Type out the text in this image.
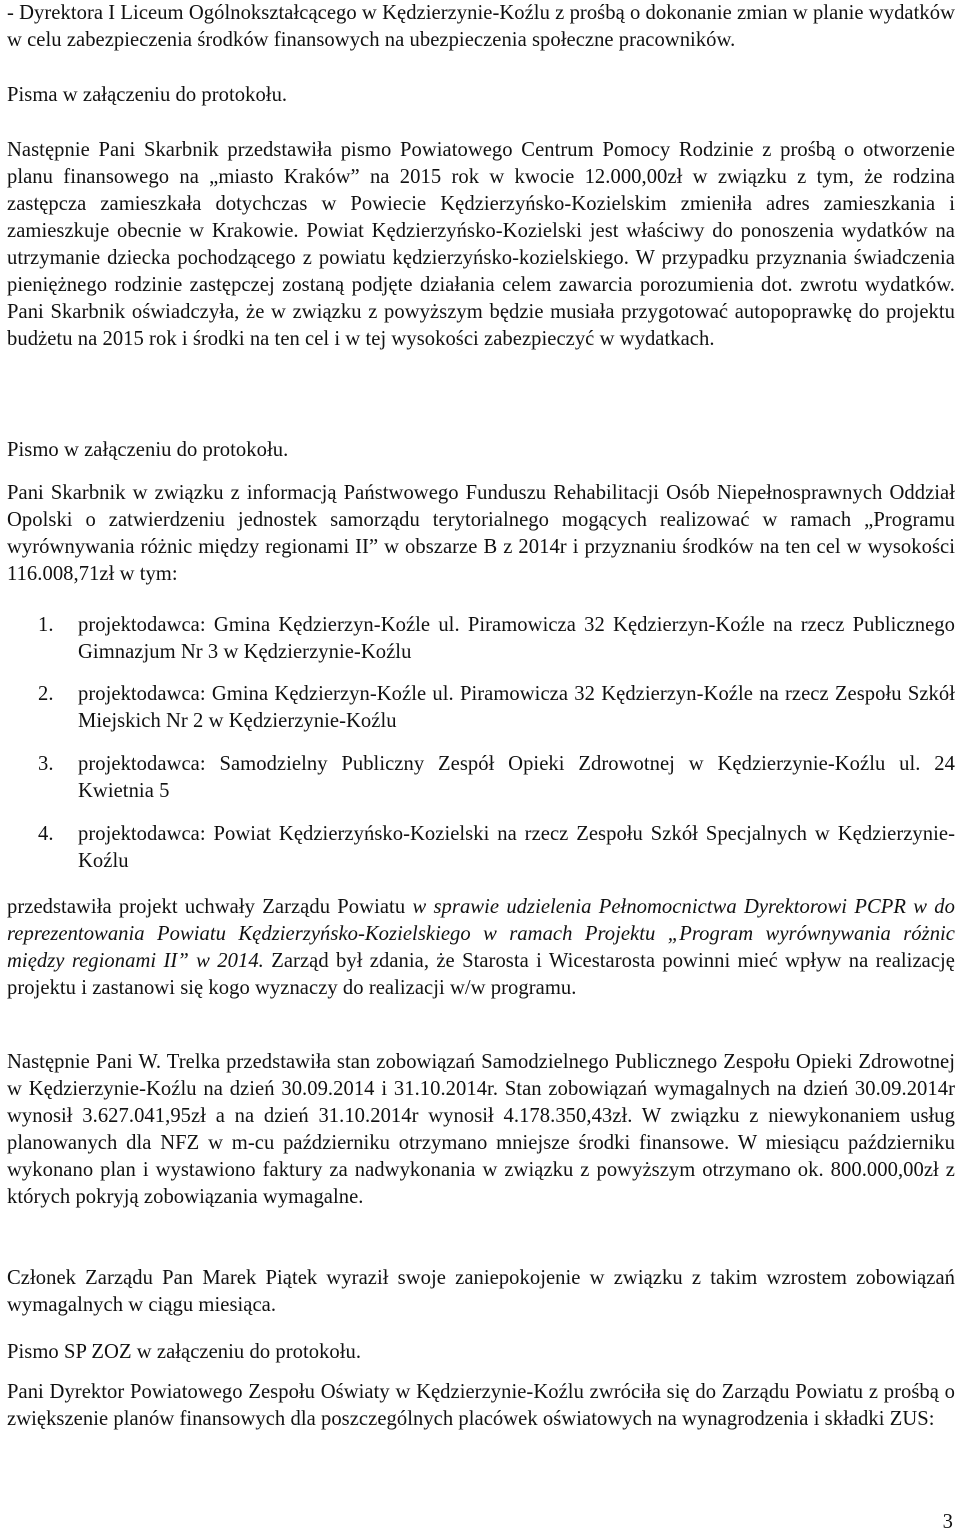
- Dyrektora I Liceum Ogólnokształcącego w Kędzierzynie-Koźlu z prośbą o dokonanie zmian w planie wydatków w celu zabezpieczenia środków finansowych na ubezpieczenia społeczne pracowników.

Pisma w załączeniu do protokołu.

Następnie Pani Skarbnik przedstawiła pismo Powiatowego Centrum Pomocy Rodzinie z prośbą o otworzenie planu finansowego na „miasto Kraków” na 2015 rok w kwocie 12.000,00zł w związku z tym, że rodzina zastępcza zamieszkała dotychczas w Powiecie Kędzierzyńsko-Kozielskim zmieniła adres zamieszkania i zamieszkuje obecnie w Krakowie. Powiat Kędzierzyńsko-Kozielski jest właściwy do ponoszenia wydatków na utrzymanie dziecka pochodzącego z powiatu kędzierzyńsko-kozielskiego. W przypadku przyznania świadczenia pieniężnego rodzinie zastępczej zostaną podjęte działania celem zawarcia porozumienia dot. zwrotu wydatków. Pani Skarbnik oświadczyła, że w związku z powyższym będzie musiała przygotować autopoprawkę do projektu budżetu na 2015 rok i środki na ten cel i w tej wysokości zabezpieczyć w wydatkach.

Pismo w załączeniu do protokołu.

Pani Skarbnik w związku z informacją Państwowego Funduszu Rehabilitacji Osób Niepełnosprawnych Oddział Opolski o zatwierdzeniu jednostek samorządu terytorialnego mogących realizować w ramach „Programu wyrównywania różnic między regionami II” w obszarze B z 2014r i przyznaniu środków na ten cel w wysokości 116.008,71zł w tym:

1. projektodawca: Gmina Kędzierzyn-Koźle ul. Piramowicza 32 Kędzierzyn-Koźle na rzecz Publicznego Gimnazjum Nr 3 w Kędzierzynie-Koźlu
2. projektodawca: Gmina Kędzierzyn-Koźle ul. Piramowicza 32 Kędzierzyn-Koźle na rzecz Zespołu Szkół Miejskich Nr 2 w Kędzierzynie-Koźlu
3. projektodawca: Samodzielny Publiczny Zespół Opieki Zdrowotnej w Kędzierzynie-Koźlu ul. 24 Kwietnia 5
4. projektodawca: Powiat Kędzierzyńsko-Kozielski na rzecz Zespołu Szkół Specjalnych w Kędzierzynie-Koźlu

przedstawiła projekt uchwały Zarządu Powiatu w sprawie udzielenia Pełnomocnictwa Dyrektorowi PCPR w do reprezentowania Powiatu Kędzierzyńsko-Kozielskiego w ramach Projektu „Program wyrównywania różnic między regionami II” w 2014. Zarząd był zdania, że Starosta i Wicestarosta powinni mieć wpływ na realizację projektu i zastanowi się kogo wyznaczy do realizacji w/w programu.

Następnie Pani W. Trelka przedstawiła stan zobowiązań Samodzielnego Publicznego Zespołu Opieki Zdrowotnej w Kędzierzynie-Koźlu na dzień 30.09.2014 i 31.10.2014r. Stan zobowiązań wymagalnych na dzień 30.09.2014r wynosił 3.627.041,95zł a na dzień 31.10.2014r wynosił 4.178.350,43zł. W związku z niewykonaniem usług planowanych dla NFZ w m-cu październiku otrzymano mniejsze środki finansowe. W miesiącu październiku wykonano plan i wystawiono faktury za nadwykonania w związku z powyższym otrzymano ok. 800.000,00zł z których pokryją zobowiązania wymagalne.

Członek Zarządu Pan Marek Piątek wyraził swoje zaniepokojenie w związku z takim wzrostem zobowiązań wymagalnych w ciągu miesiąca.

Pismo SP ZOZ w załączeniu do protokołu.

Pani Dyrektor Powiatowego Zespołu Oświaty w Kędzierzynie-Koźlu zwróciła się do Zarządu Powiatu z prośbą o zwiększenie planów finansowych dla poszczególnych placówek oświatowych na wynagrodzenia i składki ZUS:

3
